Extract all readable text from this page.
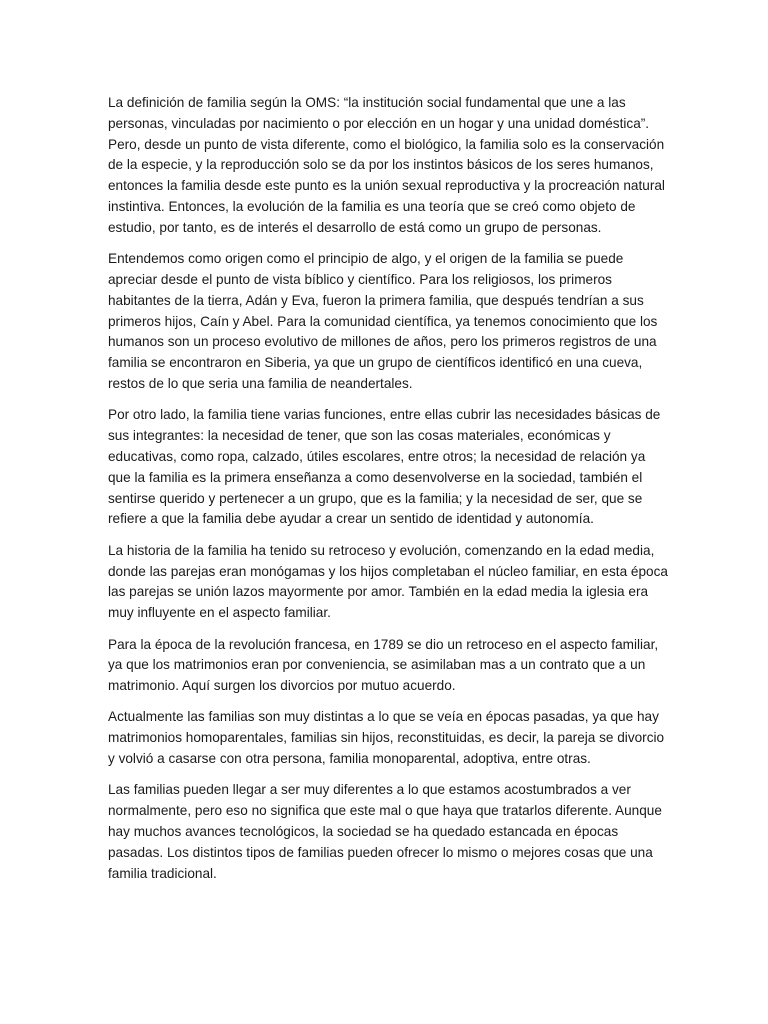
La definición de familia según la OMS: “la institución social fundamental que une a las personas, vinculadas por nacimiento o por elección en un hogar y una unidad doméstica”. Pero, desde un punto de vista diferente, como el biológico, la familia solo es la conservación de la especie, y la reproducción solo se da por los instintos básicos de los seres humanos, entonces la familia desde este punto es la unión sexual reproductiva y la procreación natural instintiva. Entonces, la evolución de la familia es una teoría que se creó como objeto de estudio, por tanto, es de interés el desarrollo de está como un grupo de personas.

Entendemos como origen como el principio de algo, y el origen de la familia se puede apreciar desde el punto de vista bíblico y científico. Para los religiosos, los primeros habitantes de la tierra, Adán y Eva, fueron la primera familia, que después tendrían a sus primeros hijos, Caín y Abel. Para la comunidad científica, ya tenemos conocimiento que los humanos son un proceso evolutivo de millones de años, pero los primeros registros de una familia se encontraron en Siberia, ya que un grupo de científicos identificó en una cueva, restos de lo que seria una familia de neandertales.

Por otro lado, la familia tiene varias funciones, entre ellas cubrir las necesidades básicas de sus integrantes: la necesidad de tener, que son las cosas materiales, económicas y educativas, como ropa, calzado, útiles escolares, entre otros; la necesidad de relación ya que la familia es la primera enseñanza a como desenvolverse en la sociedad, también el sentirse querido y pertenecer a un grupo, que es la familia; y la necesidad de ser, que se refiere a que la familia debe ayudar a crear un sentido de identidad y autonomía.

La historia de la familia ha tenido su retroceso y evolución, comenzando en la edad media, donde las parejas eran monógamas y los hijos completaban el núcleo familiar, en esta época las parejas se unión lazos mayormente por amor. También en la edad media la iglesia era muy influyente en el aspecto familiar.

Para la época de la revolución francesa, en 1789 se dio un retroceso en el aspecto familiar, ya que los matrimonios eran por conveniencia, se asimilaban mas a un contrato que a un matrimonio. Aquí surgen los divorcios por mutuo acuerdo.

Actualmente las familias son muy distintas a lo que se veía en épocas pasadas, ya que hay matrimonios homoparentales, familias sin hijos, reconstituidas, es decir, la pareja se divorcio y volvió a casarse con otra persona, familia monoparental, adoptiva, entre otras.

Las familias pueden llegar a ser muy diferentes a lo que estamos acostumbrados a ver normalmente, pero eso no significa que este mal o que haya que tratarlos diferente. Aunque hay muchos avances tecnológicos, la sociedad se ha quedado estancada en épocas pasadas. Los distintos tipos de familias pueden ofrecer lo mismo o mejores cosas que una familia tradicional.
